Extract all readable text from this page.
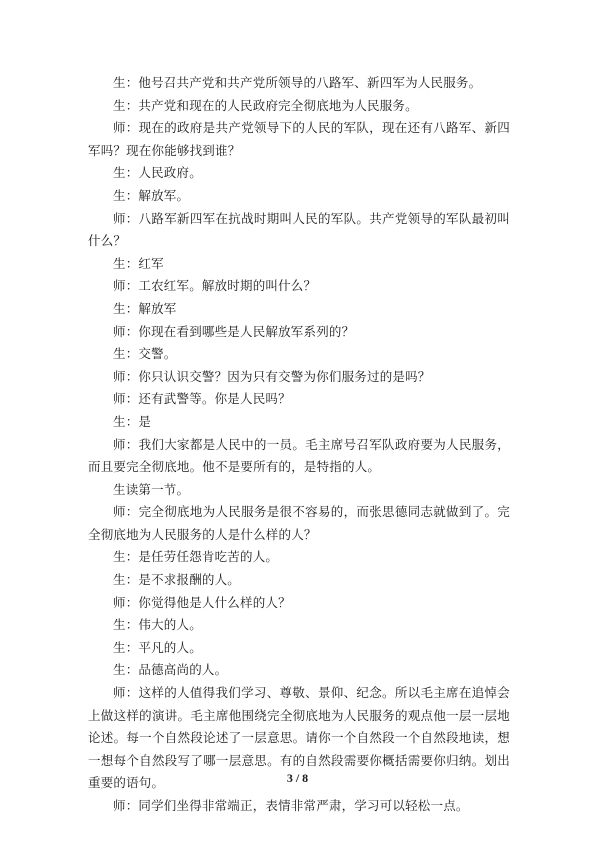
生：他号召共产党和共产党所领导的八路军、新四军为人民服务。

生：共产党和现在的人民政府完全彻底地为人民服务。

师：现在的政府是共产党领导下的人民的军队，现在还有八路军、新四军吗？现在你能够找到谁？

生：人民政府。

生：解放军。

师：八路军新四军在抗战时期叫人民的军队。共产党领导的军队最初叫什么？

生：红军

师：工农红军。解放时期的叫什么？

生：解放军

师：你现在看到哪些是人民解放军系列的？

生：交警。

师：你只认识交警？因为只有交警为你们服务过的是吗？

师：还有武警等。你是人民吗？

生：是

师：我们大家都是人民中的一员。毛主席号召军队政府要为人民服务，而且要完全彻底地。他不是要所有的，是特指的人。

生读第一节。

师：完全彻底地为人民服务是很不容易的，而张思德同志就做到了。完全彻底地为人民服务的人是什么样的人？

生：是任劳任怨肯吃苦的人。

生：是不求报酬的人。

师：你觉得他是人什么样的人？

生：伟大的人。

生：平凡的人。

生：品德高尚的人。

师：这样的人值得我们学习、尊敬、景仰、纪念。所以毛主席在追悼会上做这样的演讲。毛主席他围绕完全彻底地为人民服务的观点他一层一层地论述。每一个自然段论述了一层意思。请你一个自然段一个自然段地读，想一想每个自然段写了哪一层意思。有的自然段需要你概括需要你归纳。划出重要的语句。

师：同学们坐得非常端正，表情非常严肃，学习可以轻松一点。

3 / 8
